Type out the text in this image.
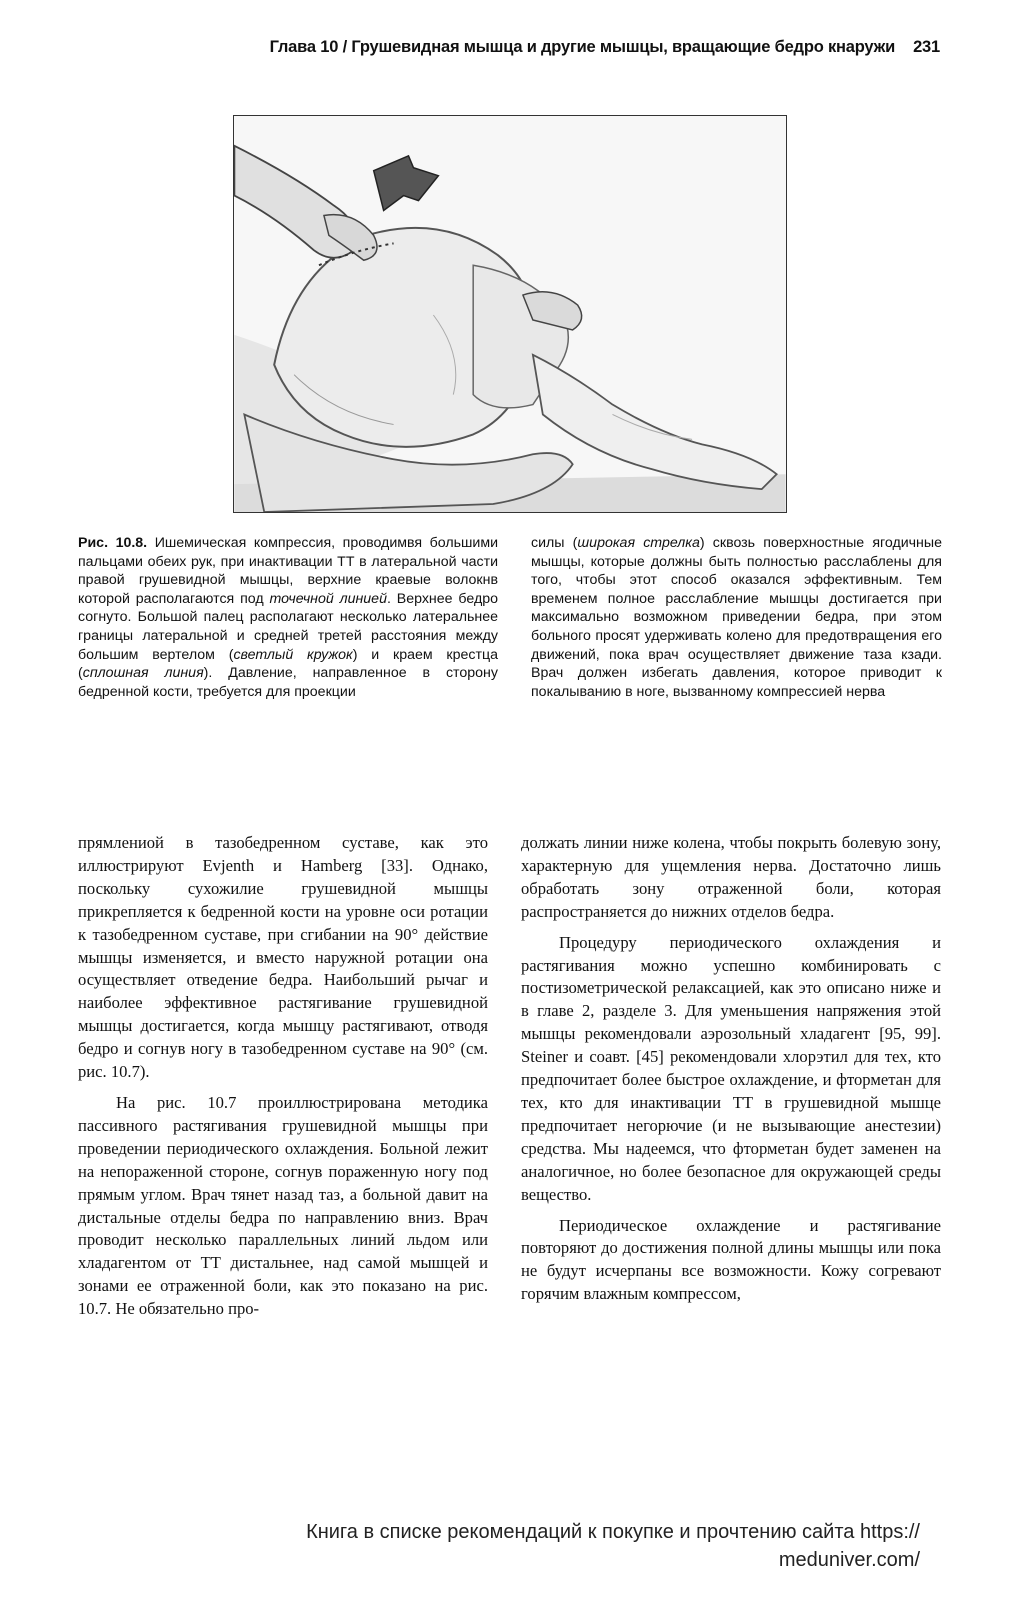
Глава 10 / Грушевидная мышца и другие мышцы, вращающие бедро кнаружи 231
Рис. 10.8. Ишемическая компрессия, проводимвя большими пальцами обеих рук, при инактивации ТТ в латеральной части правой грушевидной мышцы, верхние краевые волокнв которой располагаются под точечной линией. Верхнее бедро согнуто. Большой палец располагают несколько латеральнее границы латеральной и средней третей расстояния между большим вертелом (светлый кружок) и краем крестца (сплошная линия). Давление, направленное в сторону бедренной кости, требуется для проекции
силы (широкая стрелка) сквозь поверхностные ягодичные мышцы, которые должны быть полностью расслаблены для того, чтобы этот способ оказался эффективным. Тем временем полное расслабление мышцы достигается при максимально возможном приведении бедра, при этом больного просят удерживать колено для предотвращения его движений, пока врач осуществляет движение таза кзади. Врач должен избегать давления, которое приводит к покалыванию в ноге, вызванному компрессией нерва

прямлениой в тазобедренном суставе, как это иллюстрируют Evjenth и Hamberg [33]. Однако, поскольку сухожилие грушевидной мышцы прикрепляется к бедренной кости на уровне оси ротации к тазобедренном суставе, при сгибании на 90° действие мышцы изменяется, и вместо наружной ротации она осуществляет отведение бедра. Наибольший рычаг и наиболее эффективное растягивание грушевидной мышцы достигается, когда мышцу растягивают, отводя бедро и согнув ногу в тазобедренном суставе на 90° (см. рис. 10.7).

На рис. 10.7 проиллюстрирована методика пассивного растягивания грушевидной мышцы при проведении периодического охлаждения. Больной лежит на непораженной стороне, согнув пораженную ногу под прямым углом. Врач тянет назад таз, а больной давит на дистальные отделы бедра по направлению вниз. Врач проводит несколько параллельных линий льдом или хладагентом от ТТ дистальнее, над самой мышцей и зонами ее отраженной боли, как это показано на рис. 10.7. Не обязательно про-

должать линии ниже колена, чтобы покрыть болевую зону, характерную для ущемления нерва. Достаточно лишь обработать зону отраженной боли, которая распространяется до нижних отделов бедра.

Процедуру периодического охлаждения и растягивания можно успешно комбинировать с постизометрической релаксацией, как это описано ниже и в главе 2, разделе 3. Для уменьшения напряжения этой мышцы рекомендовали аэрозольный хладагент [95, 99]. Steiner и соавт. [45] рекомендовали хлорэтил для тех, кто предпочитает более быстрое охлаждение, и фторметан для тех, кто для инактивации ТТ в грушевидной мышце предпочитает негорючие (и не вызывающие анестезии) средства. Мы надеемся, что фторметан будет заменен на аналогичное, но более безопасное для окружающей среды вещество.

Периодическое охлаждение и растягивание повторяют до достижения полной длины мышцы или пока не будут исчерпаны все возможности. Кожу согревают горячим влажным компрессом,

Книга в списке рекомендаций к покупке и прочтению сайта https://
meduniver.com/
